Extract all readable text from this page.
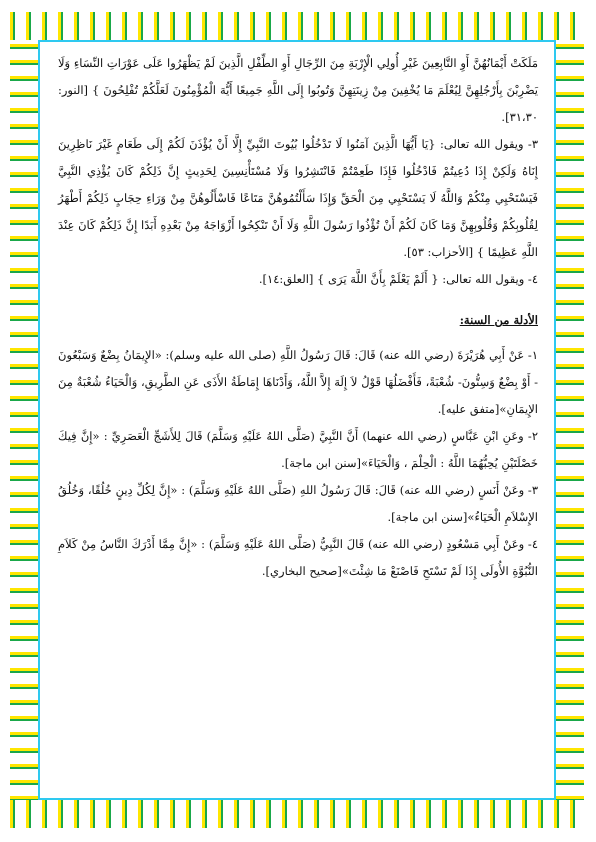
مَلَكَتْ أَيْمَانُهُنَّ أَوِ التَّابِعِينَ غَيْرِ أُولِي الْإِرْبَةِ مِنَ الرِّجَالِ أَوِ الطِّفْلِ الَّذِينَ لَمْ يَظْهَرُوا عَلَى عَوْرَاتِ النِّسَاءِ وَلَا يَضْرِبْنَ بِأَرْجُلِهِنَّ لِيُعْلَمَ مَا يُخْفِينَ مِنْ زِينَتِهِنَّ وَتُوبُوا إِلَى اللَّهِ جَمِيعًا أَيُّهَ الْمُؤْمِنُونَ لَعَلَّكُمْ تُفْلِحُونَ } [النور: ٣١،٣٠].

٣- ويقول الله تعالى: {يَا أَيُّهَا الَّذِينَ آمَنُوا لَا تَدْخُلُوا بُيُوتَ النَّبِيِّ إِلَّا أَنْ يُؤْذَنَ لَكُمْ إِلَى طَعَامٍ غَيْرَ نَاظِرِينَ إِنَاهُ وَلَكِنْ إِذَا دُعِيتُمْ فَادْخُلُوا فَإِذَا طَعِمْتُمْ فَانْتَشِرُوا وَلَا مُسْتَأْنِسِينَ لِحَدِيثٍ إِنَّ ذَلِكُمْ كَانَ يُؤْذِي النَّبِيَّ فَيَسْتَحْيِي مِنْكُمْ وَاللَّهُ لَا يَسْتَحْيِي مِنَ الْحَقِّ وَإِذَا سَأَلْتُمُوهُنَّ مَتَاعًا فَاسْأَلُوهُنَّ مِنْ وَرَاءِ حِجَابٍ ذَلِكُمْ أَطْهَرُ لِقُلُوبِكُمْ وَقُلُوبِهِنَّ وَمَا كَانَ لَكُمْ أَنْ تُؤْذُوا رَسُولَ اللَّهِ وَلَا أَنْ تَنْكِحُوا أَزْوَاجَهُ مِنْ بَعْدِهِ أَبَدًا إِنَّ ذَلِكُمْ كَانَ عِنْدَ اللَّهِ عَظِيمًا } [الأحزاب: ٥٣].

٤- ويقول الله تعالى: { أَلَمْ يَعْلَمْ بِأَنَّ اللَّهَ يَرَى } [العلق:١٤].

الأدلة من السنة:

١- عَنْ أَبِي هُرَيْرَةَ (رضي الله عنه) قَالَ: قَالَ رَسُولُ اللَّهِ (صلى الله عليه وسلم): «الإِيمَانُ بِضْعٌ وَسَبْعُونَ - أَوْ بِضْعٌ وَسِتُّونَ- شُعْبَةً، فَأَفْضَلُهَا قَوْلُ لاَ إِلَهَ إِلاَّ اللَّهُ، وَأَدْنَاهَا إِمَاطَةُ الأَذَى عَنِ الطَّرِيقِ، وَالْحَيَاءُ شُعْبَةٌ مِنَ الإِيمَانِ»[متفق عليه].

٢- وعَنِ ابْنِ عَبَّاسٍ (رضي الله عنهما) أَنَّ النَّبِيَّ (صَلَّى اللهُ عَلَيْهِ وَسَلَّمَ) قَالَ لِلأَشَجِّ الْعَصَرِيِّ : «إِنَّ فِيكَ خَصْلَتَيْنِ يُحِبُّهُمَا اللَّهُ : الْحِلْمَ ، وَالْحَيَاءَ»[سنن ابن ماجة].

٣- وعَنْ أَنَسٍ (رضي الله عنه) قَالَ: قَالَ رَسُولُ اللهِ (صَلَّى اللهُ عَلَيْهِ وَسَلَّمَ) : «إِنَّ لِكُلِّ دِينٍ خُلُقًا، وَخُلُقُ الإِسْلاَمِ الْحَيَاءُ»[سنن ابن ماجة].

٤- وعَنْ أَبِي مَسْعُودٍ (رضي الله عنه) قَالَ النَّبِيُّ (صَلَّى اللهُ عَلَيْهِ وَسَلَّمَ) : «إِنَّ مِمَّا أَدْرَكَ النَّاسُ مِنْ كَلاَمِ النُّبُوَّةِ الأُولَى إِذَا لَمْ تَسْتَحِ فَاصْنَعْ مَا شِئْتَ»[صحيح البخاري].
